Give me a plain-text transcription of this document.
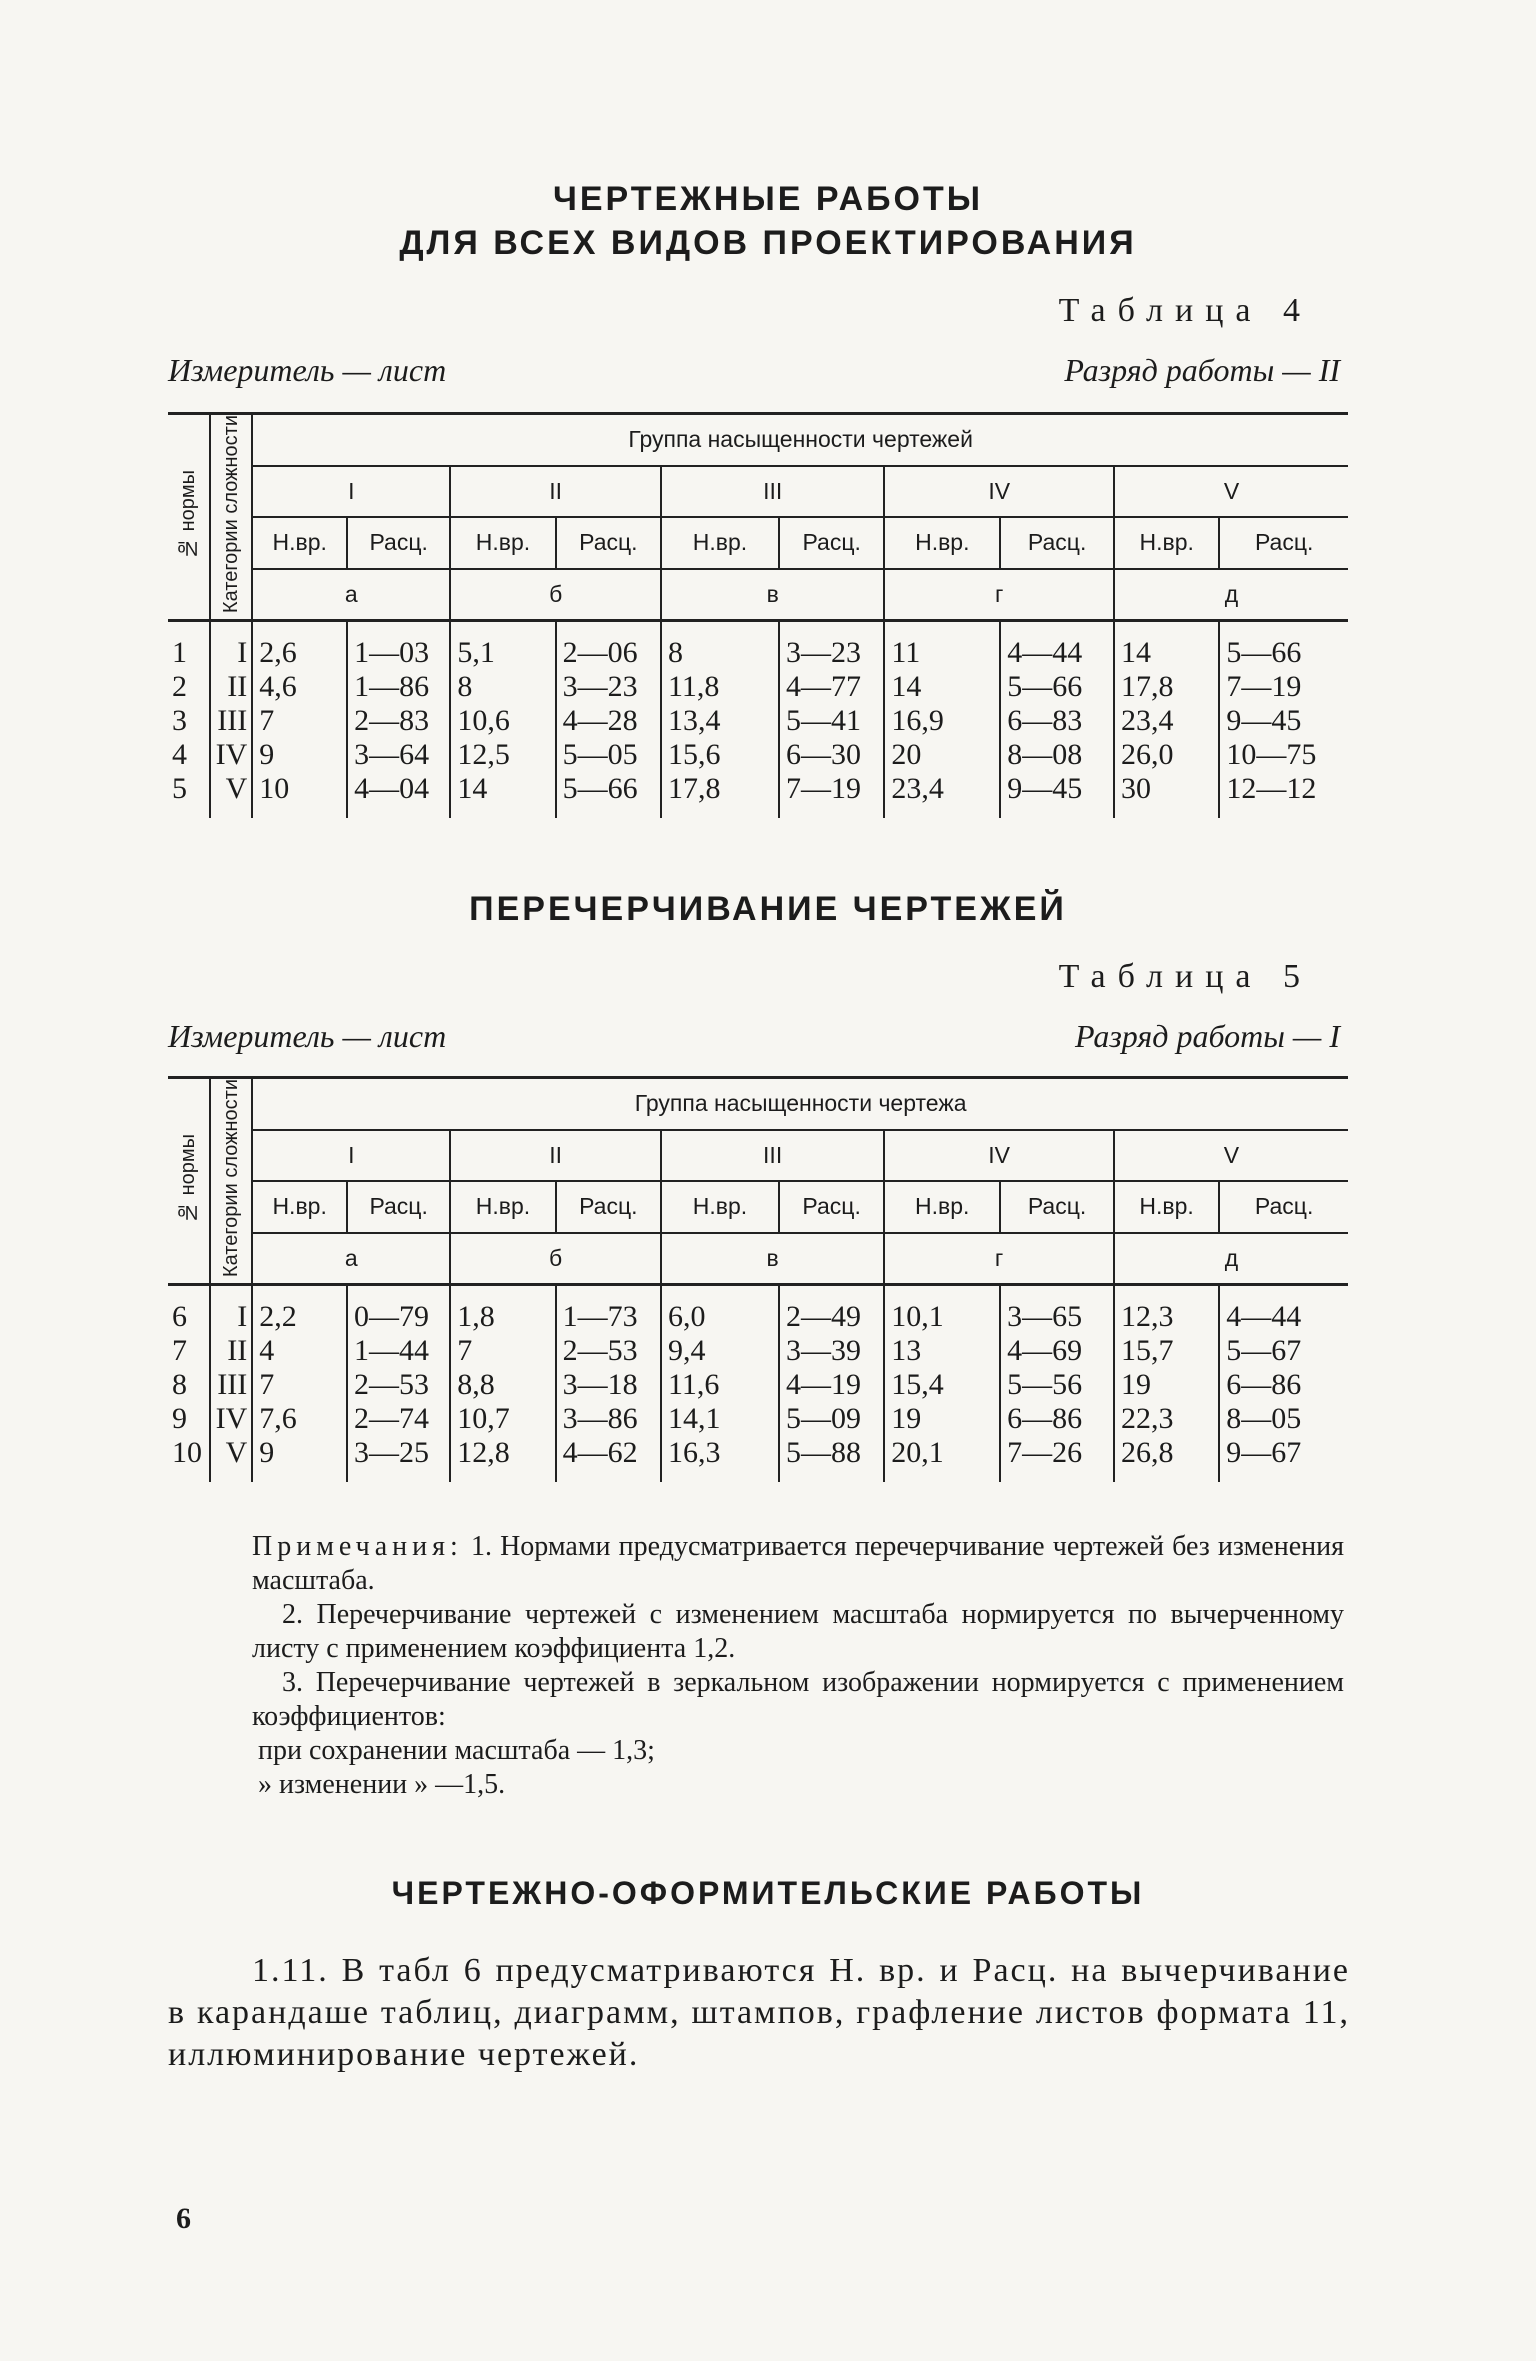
ЧЕРТЕЖНЫЕ РАБОТЫ
ДЛЯ ВСЕХ ВИДОВ ПРОЕКТИРОВАНИЯ
Таблица 4
Измеритель — лист	Разряд работы — II
№ нормы	Категории сложности	Группа насыщенности чертежей									
		I		II		III		IV		V	
		Н.вр.	Расц.	Н.вр.	Расц.	Н.вр.	Расц.	Н.вр.	Расц.	Н.вр.	Расц.
		а		б		в		г		д	
1	I	2,6	1—03	5,1	2—06	8	3—23	11	4—44	14	5—66
2	II	4,6	1—86	8	3—23	11,8	4—77	14	5—66	17,8	7—19
3	III	7	2—83	10,6	4—28	13,4	5—41	16,9	6—83	23,4	9—45
4	IV	9	3—64	12,5	5—05	15,6	6—30	20	8—08	26,0	10—75
5	V	10	4—04	14	5—66	17,8	7—19	23,4	9—45	30	12—12
ПЕРЕЧЕРЧИВАНИЕ ЧЕРТЕЖЕЙ
Таблица 5
Измеритель — лист	Разряд работы — I
№ нормы	Категории сложности	Группа насыщенности чертежа									
		I		II		III		IV		V	
		Н.вр.	Расц.	Н.вр.	Расц.	Н.вр.	Расц.	Н.вр.	Расц.	Н.вр.	Расц.
		а		б		в		г		д	
6	I	2,2	0—79	1,8	1—73	6,0	2—49	10,1	3—65	12,3	4—44
7	II	4	1—44	7	2—53	9,4	3—39	13	4—69	15,7	5—67
8	III	7	2—53	8,8	3—18	11,6	4—19	15,4	5—56	19	6—86
9	IV	7,6	2—74	10,7	3—86	14,1	5—09	19	6—86	22,3	8—05
10	V	9	3—25	12,8	4—62	16,3	5—88	20,1	7—26	26,8	9—67

Примечания: 1. Нормами предусматривается перечерчивание чертежей без изменения масштаба.

2. Перечерчивание чертежей с изменением масштаба нормируется по вычерченному листу с применением коэффициента 1,2.

3. Перечерчивание чертежей в зеркальном изображении нормируется с применением коэффициентов:

при сохранении масштаба — 1,3;

» изменении » —1,5.

ЧЕРТЕЖНО-ОФОРМИТЕЛЬСКИЕ РАБОТЫ

1.11. В табл 6 предусматриваются Н. вр. и Расц. на вычерчивание в карандаше таблиц, диаграмм, штампов, графление листов формата 11, иллюминирование чертежей.

6
